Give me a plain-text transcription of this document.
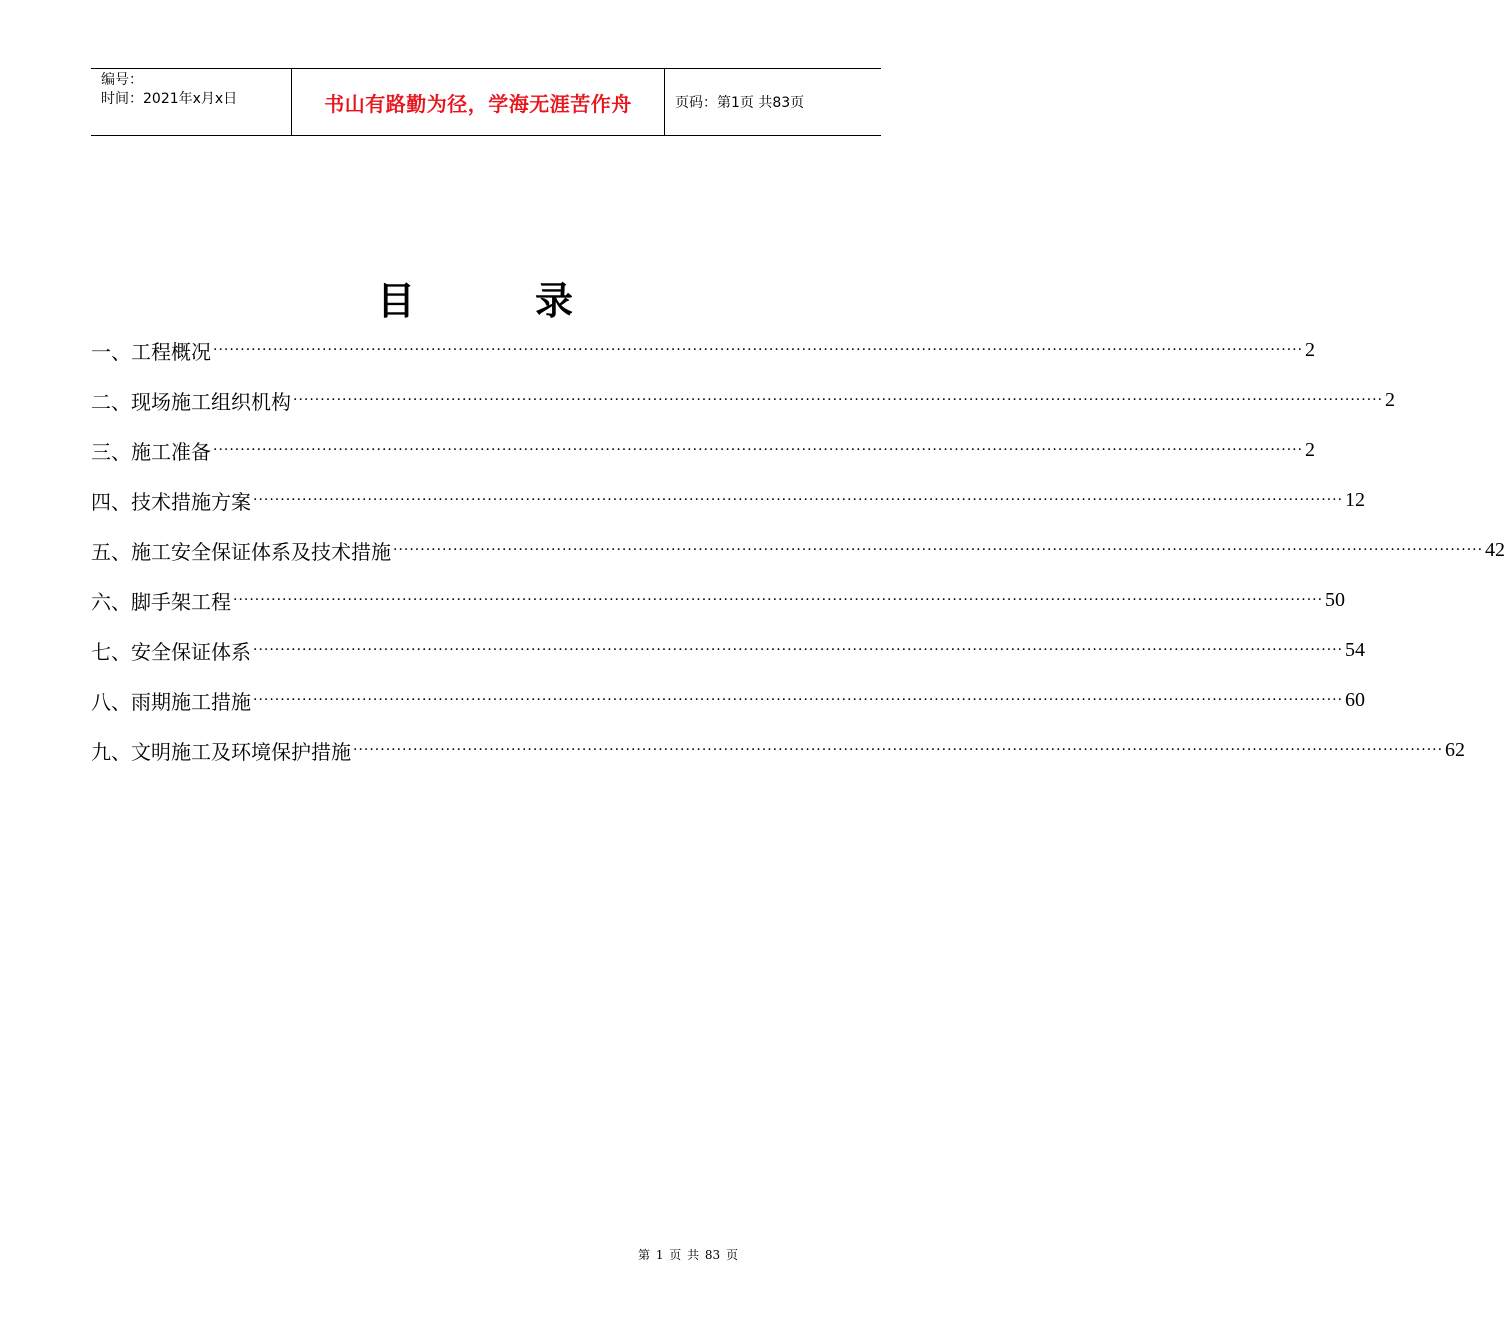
编号：
时间：2021年x月x日	书山有路勤为径，学海无涯苦作舟	页码：第1页 共83页
目	录
一、工程概况 ········································································································································································································ 2
二、现场施工组织机构 ········································································································································································································ 2
三、施工准备 ········································································································································································································ 2
四、技术措施方案 ········································································································································································································ 12
五、施工安全保证体系及技术措施 ········································································································································································································ 42
六、脚手架工程 ········································································································································································································ 50
七、安全保证体系 ········································································································································································································ 54
八、雨期施工措施 ········································································································································································································ 60
九、文明施工及环境保护措施 ········································································································································································································ 62
第 1 页 共 83 页
